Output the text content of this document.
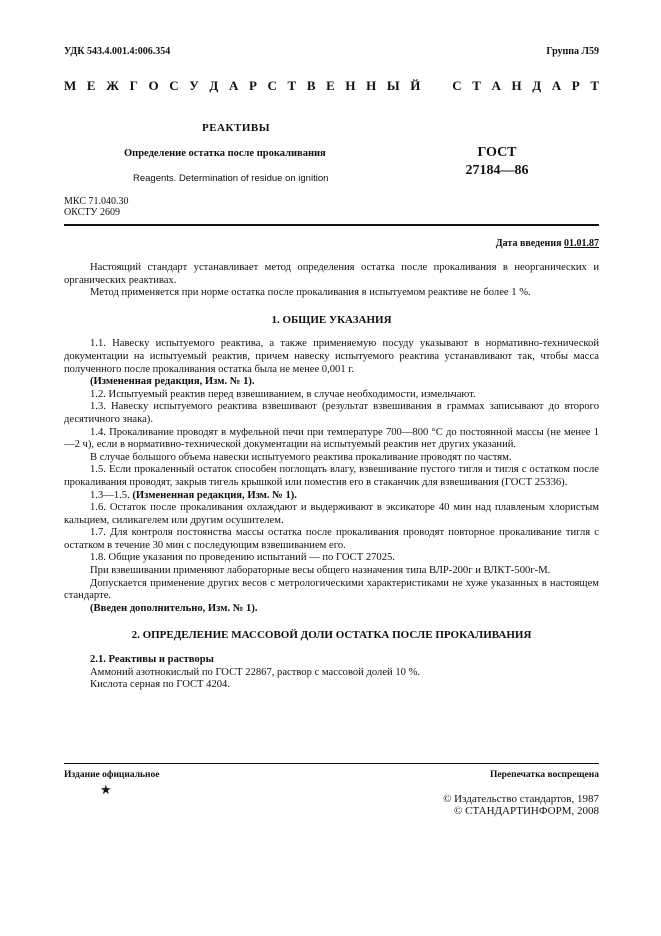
УДК 543.4.001.4:006.354	Группа Л59
М Е Ж Г О С У Д А Р С Т В Е Н Н Ы Й С Т А Н Д А Р Т
РЕАКТИВЫ
Определение остатка после прокаливания
Reagents. Determination of residue on ignition
ГОСТ
27184—86
МКС 71.040.30
ОКСТУ 2609
Дата введения 01.01.87

Настоящий стандарт устанавливает метод определения остатка после прокаливания в неорганических и органических реактивах.

Метод применяется при норме остатка после прокаливания в испытуемом реактиве не более 1 %.

1. ОБЩИЕ УКАЗАНИЯ

1.1. Навеску испытуемого реактива, а также применяемую посуду указывают в нормативно-технической документации на испытуемый реактив, причем навеску испытуемого реактива устанавливают так, чтобы масса полученного после прокаливания остатка была не менее 0,001 г.

(Измененная редакция, Изм. № 1).

1.2. Испытуемый реактив перед взвешиванием, в случае необходимости, измельчают.

1.3. Навеску испытуемого реактива взвешивают (результат взвешивания в граммах записывают до второго десятичного знака).

1.4. Прокаливание проводят в муфельной печи при температуре 700—800 °С до постоянной массы (не менее 1—2 ч), если в нормативно-технической документации на испытуемый реактив нет других указаний.

В случае большого объема навески испытуемого реактива прокаливание проводят по частям.

1.5. Если прокаленный остаток способен поглощать влагу, взвешивание пустого тигля и тигля с остатком после прокаливания проводят, закрыв тигель крышкой или поместив его в стаканчик для взвешивания (ГОСТ 25336).

1.3—1.5. (Измененная редакция, Изм. № 1).

1.6. Остаток после прокаливания охлаждают и выдерживают в эксикаторе 40 мин над плавленым хлористым кальцием, силикагелем или другим осушителем.

1.7. Для контроля постоянства массы остатка после прокаливания проводят повторное прокаливание тигля с остатком в течение 30 мин с последующим взвешиванием его.

1.8. Общие указания по проведению испытаний — по ГОСТ 27025.

При взвешивании применяют лабораторные весы общего назначения типа ВЛР-200г и ВЛКТ-500г-М.

Допускается применение других весов с метрологическими характеристиками не хуже указанных в настоящем стандарте.

(Введен дополнительно, Изм. № 1).

2. ОПРЕДЕЛЕНИЕ МАССОВОЙ ДОЛИ ОСТАТКА ПОСЛЕ ПРОКАЛИВАНИЯ

2.1. Реактивы и растворы

Аммоний азотнокислый по ГОСТ 22867, раствор с массовой долей 10 %.

Кислота серная по ГОСТ 4204.

Издание официальное	Перепечатка воспрещена
★
© Издательство стандартов, 1987
© СТАНДАРТИНФОРМ, 2008
